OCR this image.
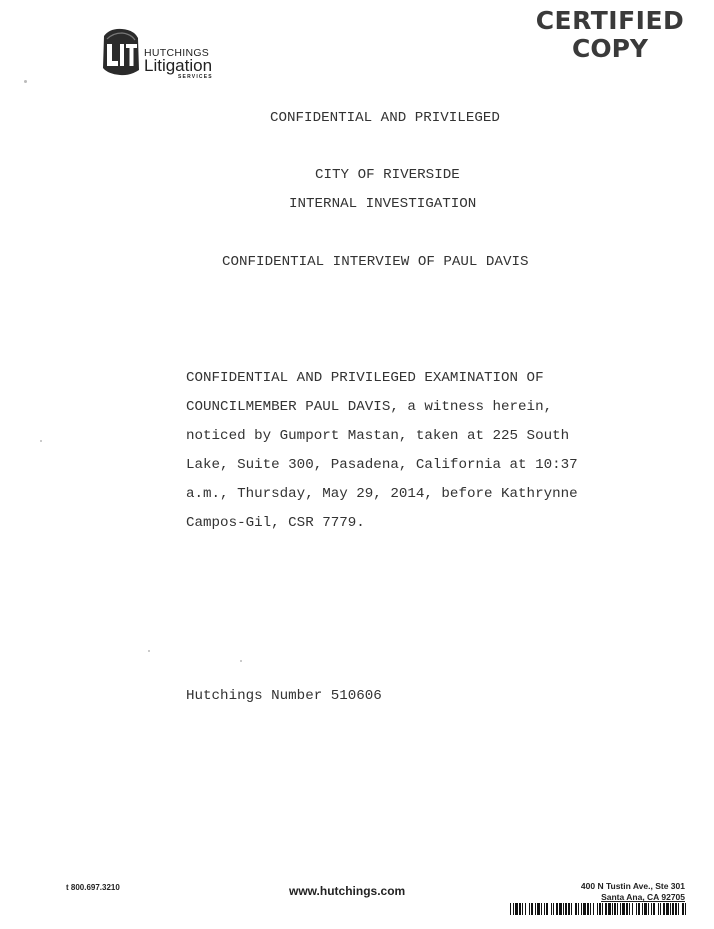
HUTCHINGS
Litigation
SERVICES
CERTIFIED
COPY
CONFIDENTIAL AND PRIVILEGED
CITY OF RIVERSIDE
INTERNAL INVESTIGATION
CONFIDENTIAL INTERVIEW OF PAUL DAVIS
CONFIDENTIAL AND PRIVILEGED EXAMINATION OF
COUNCILMEMBER PAUL DAVIS, a witness herein,
noticed by Gumport Mastan, taken at 225 South
Lake, Suite 300, Pasadena, California at 10:37
a.m., Thursday, May 29, 2014, before Kathrynne
Campos-Gil, CSR 7779.
Hutchings Number 510606
t 800.697.3210	www.hutchings.com	400 N Tustin Ave., Ste 301
Santa Ana, CA 92705
